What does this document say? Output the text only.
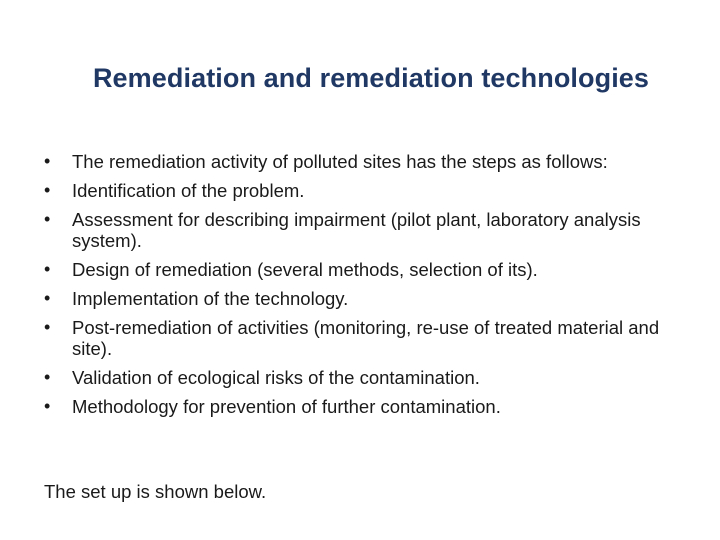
Remediation and remediation technologies
• The remediation activity of polluted sites has the steps as follows:
• Identification of the problem.
• Assessment for describing impairment (pilot plant, laboratory analysis system).
• Design of remediation (several methods, selection of its).
• Implementation of the technology.
• Post-remediation of activities (monitoring, re-use of treated material and site).
• Validation of ecological risks of the contamination.
• Methodology for prevention of further contamination.
The set up is shown below.
